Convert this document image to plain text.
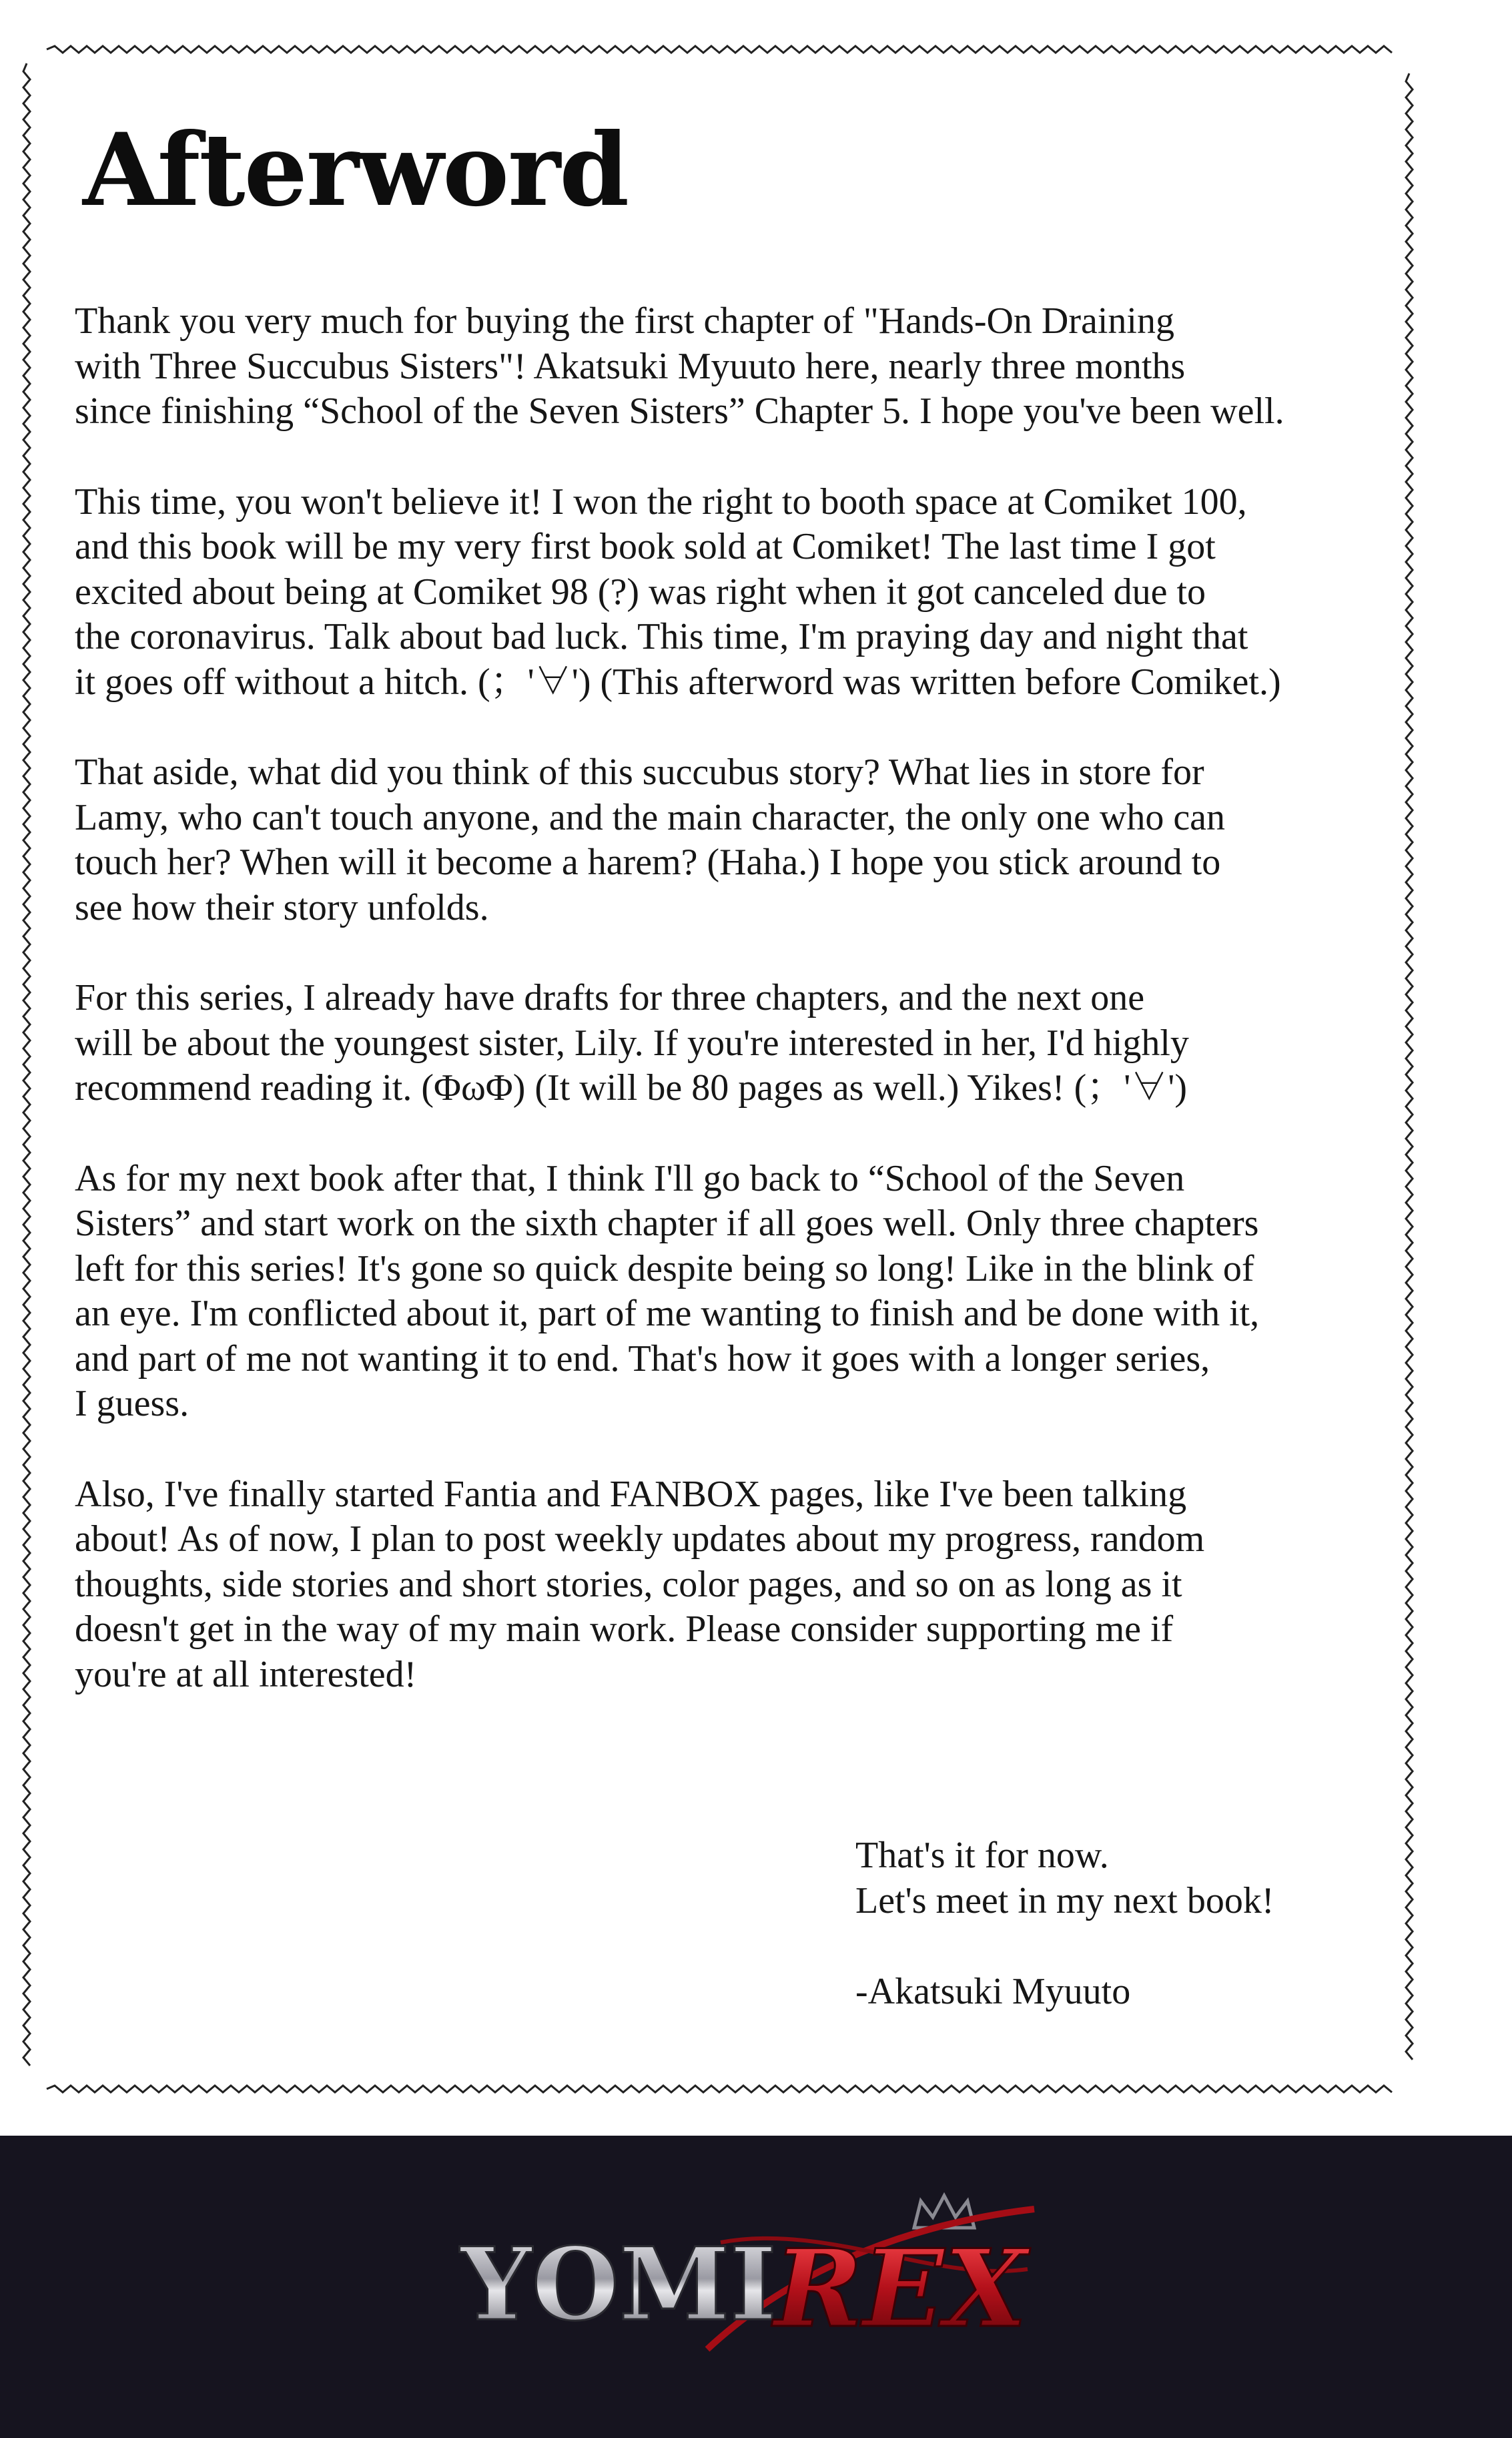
Afterword
Thank you very much for buying the first chapter of "Hands-On Draining
with Three Succubus Sisters"! Akatsuki Myuuto here, nearly three months
since finishing “School of the Seven Sisters” Chapter 5. I hope you've been well.
This time, you won't believe it! I won the right to booth space at Comiket 100,
and this book will be my very first book sold at Comiket! The last time I got
excited about being at Comiket 98 (?) was right when it got canceled due to
the coronavirus. Talk about bad luck. This time, I'm praying day and night that
it goes off without a hitch. (；'∀') (This afterword was written before Comiket.)
That aside, what did you think of this succubus story? What lies in store for
Lamy, who can't touch anyone, and the main character, the only one who can
touch her? When will it become a harem? (Haha.) I hope you stick around to
see how their story unfolds.
For this series, I already have drafts for three chapters, and the next one
will be about the youngest sister, Lily. If you're interested in her, I'd highly
recommend reading it. (ΦωΦ) (It will be 80 pages as well.) Yikes! (；'∀')
As for my next book after that, I think I'll go back to “School of the Seven
Sisters” and start work on the sixth chapter if all goes well. Only three chapters
left for this series! It's gone so quick despite being so long! Like in the blink of
an eye. I'm conflicted about it, part of me wanting to finish and be done with it,
and part of me not wanting it to end. That's how it goes with a longer series,
I guess.
Also, I've finally started Fantia and FANBOX pages, like I've been talking
about! As of now, I plan to post weekly updates about my progress, random
thoughts, side stories and short stories, color pages, and so on as long as it
doesn't get in the way of my main work. Please consider supporting me if
you're at all interested!
That's it for now.
Let's meet in my next book!
-Akatsuki Myuuto
YOMI
REX
